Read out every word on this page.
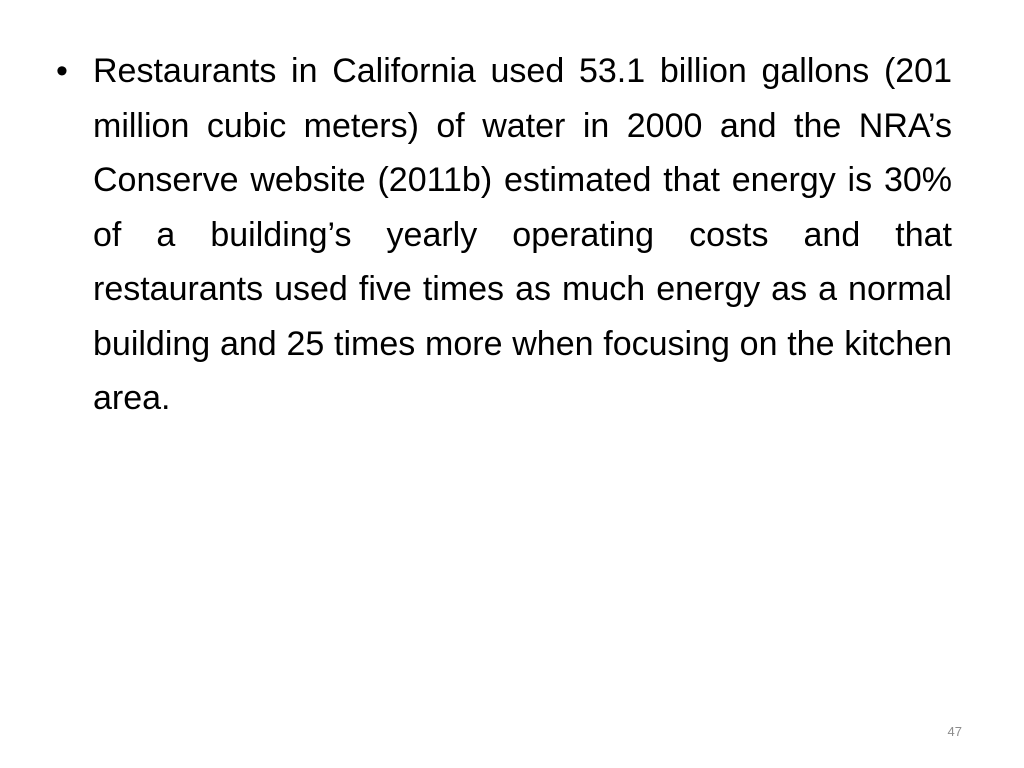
• Restaurants in California used 53.1 billion gallons (201 million cubic meters) of water in 2000 and the NRA’s Conserve website (2011b) estimated that energy is 30% of a building’s yearly operating costs and that restaurants used five times as much energy as a normal building and 25 times more when focusing on the kitchen area.
47
